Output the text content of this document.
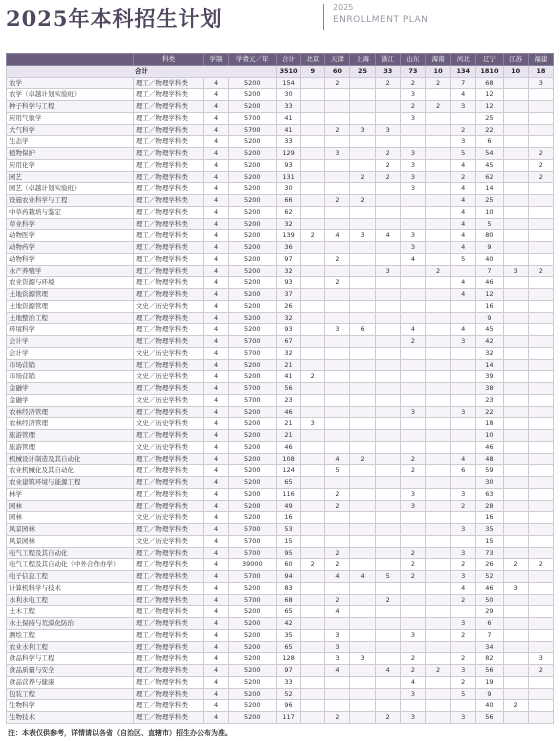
2025年本科招生计划	2025
ENROLLMENT PLAN
	科类	学制	学费元／年	合计	北京	天津	上海	浙江	山东	海南	河北	辽宁	江苏	福建
合计				3510	9	60	25	33	73	10	134	1810	10	18
农学	理工／物理学科类	4	5200	154		2		2	2	2	7	68		3
农学（卓越计划实验班）	理工／物理学科类	4	5200	30					3		4	12		
种子科学与工程	理工／物理学科类	4	5200	33					2	2	3	12		
应用气象学	理工／物理学科类	4	5700	41					3			25		
大气科学	理工／物理学科类	4	5700	41		2	3	3			2	22		
生态学	理工／物理学科类	4	5200	33							3	6		
植物保护	理工／物理学科类	4	5200	129		3		2	3		5	54		2
应用化学	理工／物理学科类	4	5200	93				2	3		4	45		2
园艺	理工／物理学科类	4	5200	131			2	2	3		2	62		2
园艺（卓越计划实验班）	理工／物理学科类	4	5200	30					3		4	14		
设施农业科学与工程	理工／物理学科类	4	5200	66		2	2				4	25		
中草药栽培与鉴定	理工／物理学科类	4	5200	62							4	10		
草业科学	理工／物理学科类	4	5200	32							4	5		
动物医学	理工／物理学科类	4	5200	139	2	4	3	4	3		4	80		
动物药学	理工／物理学科类	4	5200	36					3		4	9		
动物科学	理工／物理学科类	4	5200	97		2			4		5	40		
水产养殖学	理工／物理学科类	4	5200	32				3		2		7	3	2
农业资源与环境	理工／物理学科类	4	5200	93		2					4	46		
土地资源管理	理工／物理学科类	4	5200	37							4	12		
土地资源管理	文史／历史学科类	4	5200	26								16		
土地整治工程	理工／物理学科类	4	5200	32								9		
环境科学	理工／物理学科类	4	5200	93		3	6		4		4	45		
会计学	理工／物理学科类	4	5700	67					2		3	42		
会计学	文史／历史学科类	4	5700	32								32		
市场营销	理工／物理学科类	4	5200	21								14		
市场营销	文史／历史学科类	4	5200	41	2							39		
金融学	理工／物理学科类	4	5700	56								38		
金融学	文史／历史学科类	4	5700	23								23		
农林经济管理	理工／物理学科类	4	5200	46					3		3	22		
农林经济管理	文史／历史学科类	4	5200	21	3							18		
旅游管理	理工／物理学科类	4	5200	21								10		
旅游管理	文史／历史学科类	4	5200	46								46		
机械设计制造及其自动化	理工／物理学科类	4	5200	108		4	2		2		4	48		
农业机械化及其自动化	理工／物理学科类	4	5200	124		5			2		6	59		
农业建筑环境与能源工程	理工／物理学科类	4	5200	65								30		
林学	理工／物理学科类	4	5200	116		2			3		3	63		
园林	理工／物理学科类	4	5200	49		2			3		2	28		
园林	文史／历史学科类	4	5200	16								16		
风景园林	理工／物理学科类	4	5700	53							3	35		
风景园林	文史／历史学科类	4	5700	15								15		
电气工程及其自动化	理工／物理学科类	4	5700	95		2			2		3	73		
电气工程及其自动化（中外合作办学）	理工／物理学科类	4	39000	60	2	2			2		2	26	2	2
电子信息工程	理工／物理学科类	4	5700	94		4	4	5	2		3	52		
计算机科学与技术	理工／物理学科类	4	5200	83							4	46	3	
水利水电工程	理工／物理学科类	4	5700	68		2		2			2	50		
土木工程	理工／物理学科类	4	5200	65		4						29		
水土保持与荒漠化防治	理工／物理学科类	4	5200	42							3	6		
测绘工程	理工／物理学科类	4	5200	35		3			3		2	7		
农业水利工程	理工／物理学科类	4	5200	65		3						34		
食品科学与工程	理工／物理学科类	4	5200	128		3	3		2		2	82		3
食品质量与安全	理工／物理学科类	4	5200	97		4		4	2	2	3	56		2
食品营养与健康	理工／物理学科类	4	5200	33					4		2	19		
包装工程	理工／物理学科类	4	5200	52					3		5	9		
生物科学	理工／物理学科类	4	5200	96								40	2	
生物技术	理工／物理学科类	4	5200	117		2		2	3		3	56		
注：本表仅供参考，详情请以各省（自治区、直辖市）招生办公布为准。
